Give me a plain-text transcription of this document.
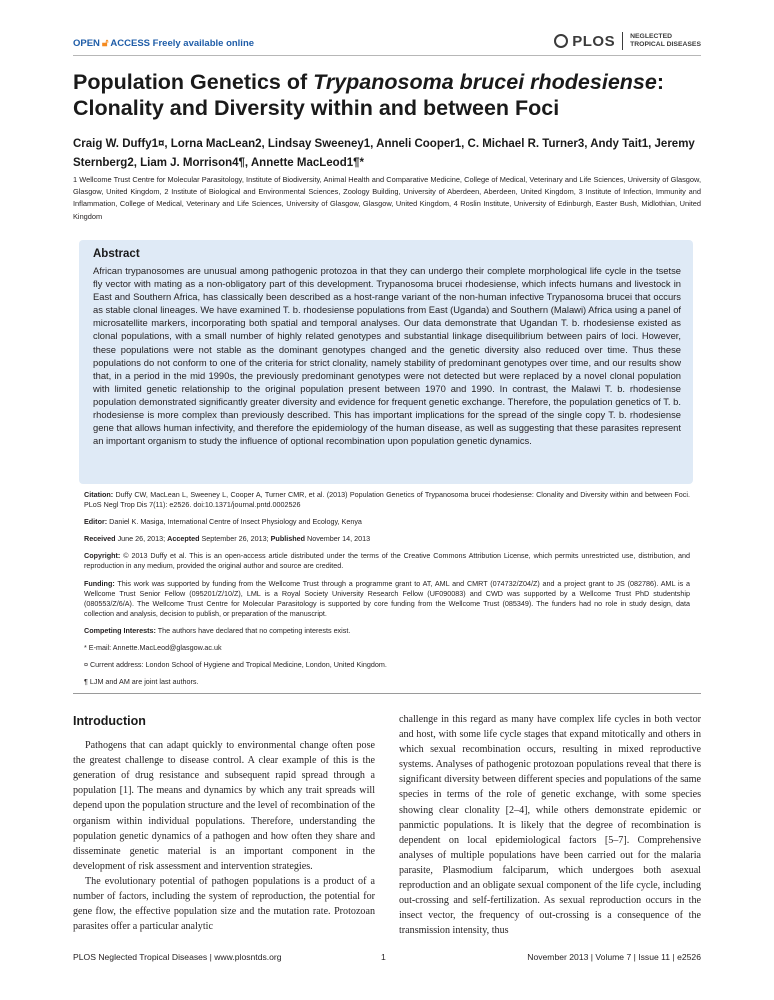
OPEN 🔓︎ ACCESS Freely available online	PLOS NEGLECTED
TROPICAL DISEASES
Population Genetics of Trypanosoma brucei rhodesiense: Clonality and Diversity within and between Foci
Craig W. Duffy1¤, Lorna MacLean2, Lindsay Sweeney1, Anneli Cooper1, C. Michael R. Turner3, Andy Tait1, Jeremy Sternberg2, Liam J. Morrison4¶, Annette MacLeod1¶*
1 Wellcome Trust Centre for Molecular Parasitology, Institute of Biodiversity, Animal Health and Comparative Medicine, College of Medical, Veterinary and Life Sciences, University of Glasgow, Glasgow, United Kingdom, 2 Institute of Biological and Environmental Sciences, Zoology Building, University of Aberdeen, Aberdeen, United Kingdom, 3 Institute of Infection, Immunity and Inflammation, College of Medical, Veterinary and Life Sciences, University of Glasgow, Glasgow, United Kingdom, 4 Roslin Institute, University of Edinburgh, Easter Bush, Midlothian, United Kingdom
Abstract
African trypanosomes are unusual among pathogenic protozoa in that they can undergo their complete morphological life cycle in the tsetse fly vector with mating as a non-obligatory part of this development. Trypanosoma brucei rhodesiense, which infects humans and livestock in East and Southern Africa, has classically been described as a host-range variant of the non-human infective Trypanosoma brucei that occurs as stable clonal lineages. We have examined T. b. rhodesiense populations from East (Uganda) and Southern (Malawi) Africa using a panel of microsatellite markers, incorporating both spatial and temporal analyses. Our data demonstrate that Ugandan T. b. rhodesiense existed as clonal populations, with a small number of highly related genotypes and substantial linkage disequilibrium between pairs of loci. However, these populations were not stable as the dominant genotypes changed and the genetic diversity also reduced over time. Thus these populations do not conform to one of the criteria for strict clonality, namely stability of predominant genotypes over time, and our results show that, in a period in the mid 1990s, the previously predominant genotypes were not detected but were replaced by a novel clonal population with limited genetic relationship to the original population present between 1970 and 1990. In contrast, the Malawi T. b. rhodesiense population demonstrated significantly greater diversity and evidence for frequent genetic exchange. Therefore, the population genetics of T. b. rhodesiense is more complex than previously described. This has important implications for the spread of the single copy T. b. rhodesiense gene that allows human infectivity, and therefore the epidemiology of the human disease, as well as suggesting that these parasites represent an important organism to study the influence of optional recombination upon population genetic dynamics.

Citation: Duffy CW, MacLean L, Sweeney L, Cooper A, Turner CMR, et al. (2013) Population Genetics of Trypanosoma brucei rhodesiense: Clonality and Diversity within and between Foci. PLoS Negl Trop Dis 7(11): e2526. doi:10.1371/journal.pntd.0002526

Editor: Daniel K. Masiga, International Centre of Insect Physiology and Ecology, Kenya

Received June 26, 2013; Accepted September 26, 2013; Published November 14, 2013

Copyright: © 2013 Duffy et al. This is an open-access article distributed under the terms of the Creative Commons Attribution License, which permits unrestricted use, distribution, and reproduction in any medium, provided the original author and source are credited.

Funding: This work was supported by funding from the Wellcome Trust through a programme grant to AT, AML and CMRT (074732/Z04/Z) and a project grant to JS (082786). AML is a Wellcome Trust Senior Fellow (095201/Z/10/Z), LML is a Royal Society University Research Fellow (UF090083) and CWD was supported by a Wellcome Trust PhD studentship (080553/Z/6/A). The Wellcome Trust Centre for Molecular Parasitology is supported by core funding from the Wellcome Trust (085349). The funders had no role in study design, data collection and analysis, decision to publish, or preparation of the manuscript.

Competing Interests: The authors have declared that no competing interests exist.

* E-mail: Annette.MacLeod@glasgow.ac.uk

¤ Current address: London School of Hygiene and Tropical Medicine, London, United Kingdom.

¶ LJM and AM are joint last authors.

Introduction

Pathogens that can adapt quickly to environmental change often pose the greatest challenge to disease control. A clear example of this is the generation of drug resistance and subsequent rapid spread through a population [1]. The means and dynamics by which any trait spreads will depend upon the population structure and the level of recombination of the organism within individual populations. Therefore, understanding the population genetic dynamics of a pathogen and how often they share and disseminate genetic material is an important component in the development of risk assessment and intervention strategies.

The evolutionary potential of pathogen populations is a product of a number of factors, including the system of reproduction, the potential for gene flow, the effective population size and the mutation rate. Protozoan parasites offer a particular analytic

challenge in this regard as many have complex life cycles in both vector and host, with some life cycle stages that expand mitotically and others in which sexual recombination occurs, resulting in mixed reproductive systems. Analyses of pathogenic protozoan populations reveal that there is significant diversity between different species and populations of the same species in terms of the role of genetic exchange, with some species showing clear clonality [2–4], while others demonstrate epidemic or panmictic populations. It is likely that the degree of recombination is dependent on local epidemiological factors [5–7]. Comprehensive analyses of multiple populations have been carried out for the malaria parasite, Plasmodium falciparum, which undergoes both asexual reproduction and an obligate sexual component of the life cycle, including out-crossing and self-fertilization. As sexual reproduction occurs in the insect vector, the frequency of out-crossing is a consequence of the transmission intensity, thus

PLOS Neglected Tropical Diseases | www.plosntds.org	1	November 2013 | Volume 7 | Issue 11 | e2526
